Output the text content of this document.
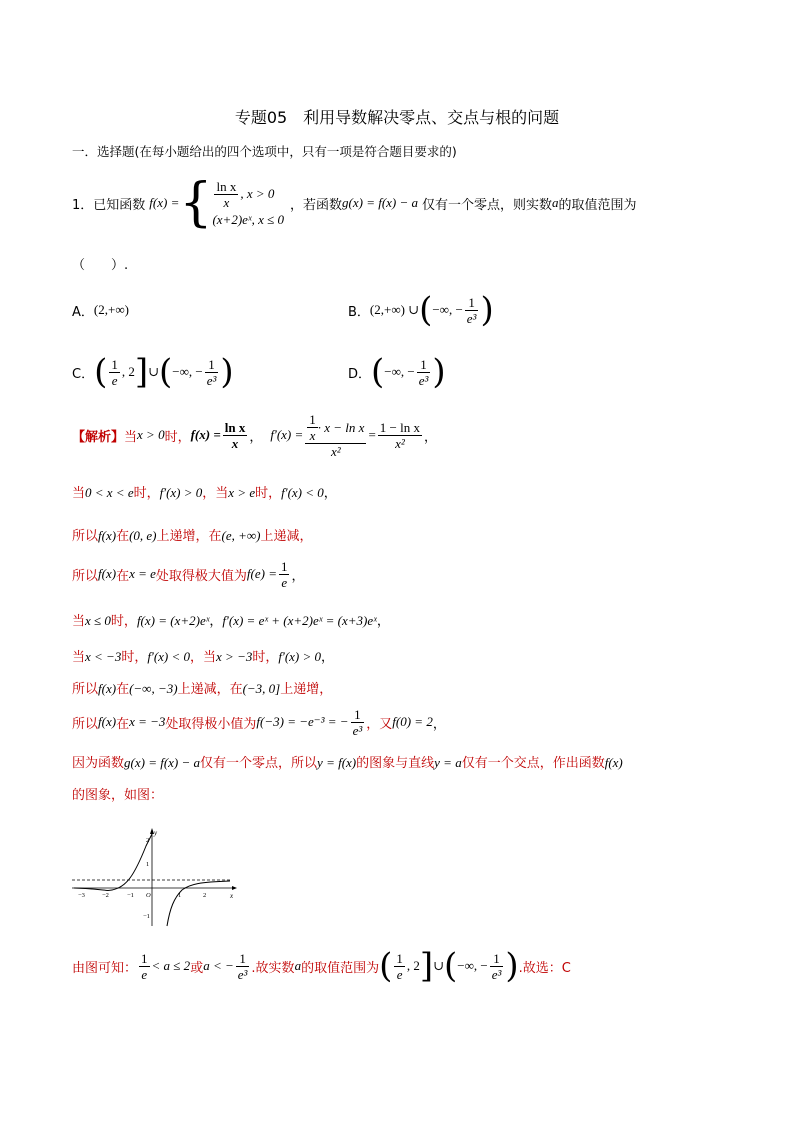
专题05　利用导数解决零点、交点与根的问题
一．选择题(在每小题给出的四个选项中，只有一项是符合题目要求的)
1． 已知函数 f(x) = { $\frac{\text{ln x}}{x}$ , x > 0
(x+2)eˣ, x ≤ 0
，若函数 g(x) = f(x) − a 仅有一个零点，则实数 a 的取值范围为
（　　）.
A． (2,+∞)	B． (2,+∞) ∪ ( −∞, − $\frac{1}{\text{e³}}$ )
C． ( $\frac{1}{e}$ , 2 ] ∪ ( −∞, − $\frac{1}{\text{e³}}$ )	D． ( −∞, − $\frac{1}{\text{e³}}$ )
【解析】 当 x > 0 时， $f(x) = \frac{\text{ln x}}{x}$ ， $f'(x) = \frac{\frac{1}{x} \cdot x - \ln x}{\text{x²}} = \frac{\text{1 − ln x}}{\text{x²}}$ ，
当0 < x < e时，f′(x) > 0，当x > e时，f′(x) < 0，
所以f(x)在(0, e)上递增，在(e, +∞)上递减，
所以 f(x) 在 x = e 处取得极大值为 $f(e) = \frac{1}{e}$ ，
当x ≤ 0时，f(x) = (x+2)eˣ，f′(x) = eˣ + (x+2)eˣ = (x+3)eˣ，
当x < −3时，f′(x) < 0，当x > −3时，f′(x) > 0，
所以f(x)在(−∞, −3)上递减，在(−3, 0]上递增，
所以 f(x) 在 x = −3 处取得极小值为 f(−3) = −e⁻³ = − $\frac{1}{\text{e³}}$ ，又 f(0) = 2 ，
因为函数g(x) = f(x) − a仅有一个零点，所以y = f(x)的图象与直线y = a仅有一个交点，作出函数f(x)
的图象，如图：
y
x
−3	−2	−1 O	1	2
2
1
−1
由图可知： $\frac{1}{e} < a \le 2$ 或 a < − $\frac{1}{\text{e³}}$ .故实数 a 的取值范围为 ( $\frac{1}{e}$ , 2 ] ∪ ( −∞, − $\frac{1}{\text{e³}}$ ) .故选：C
